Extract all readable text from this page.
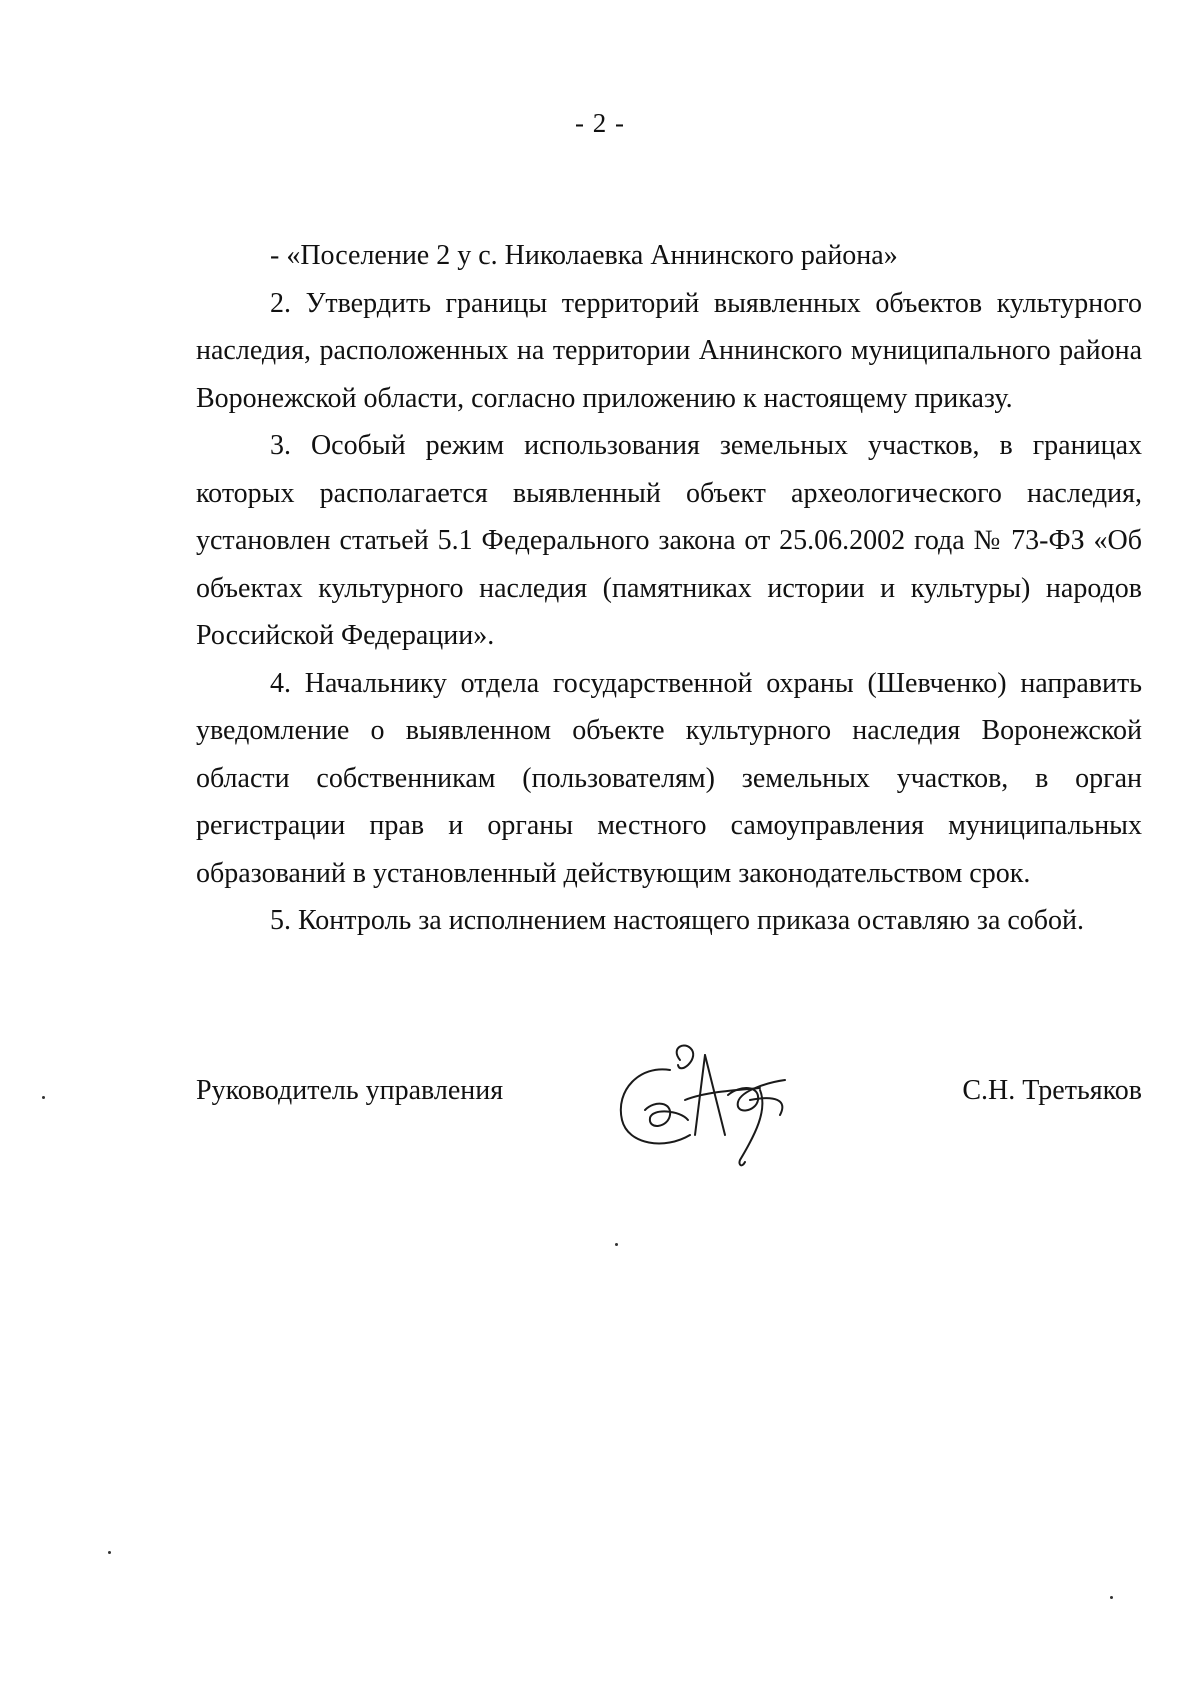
- 2 -

- «Поселение 2 у с. Николаевка Аннинского района»

2. Утвердить границы территорий выявленных объектов культурного наследия, расположенных на территории Аннинского муниципального района Воронежской области, согласно приложению к настоящему приказу.

3. Особый режим использования земельных участков, в границах которых располагается выявленный объект археологического наследия, установлен статьей 5.1 Федерального закона от 25.06.2002 года № 73-ФЗ «Об объектах культурного наследия (памятниках истории и культуры) народов Российской Федерации».

4. Начальнику отдела государственной охраны (Шевченко) направить уведомление о выявленном объекте культурного наследия Воронежской области собственникам (пользователям) земельных участков, в орган регистрации прав и органы местного самоуправления муниципальных образований в установленный действующим законодательством срок.

5. Контроль за исполнением настоящего приказа оставляю за собой.

Руководитель управления	С.Н. Третьяков
